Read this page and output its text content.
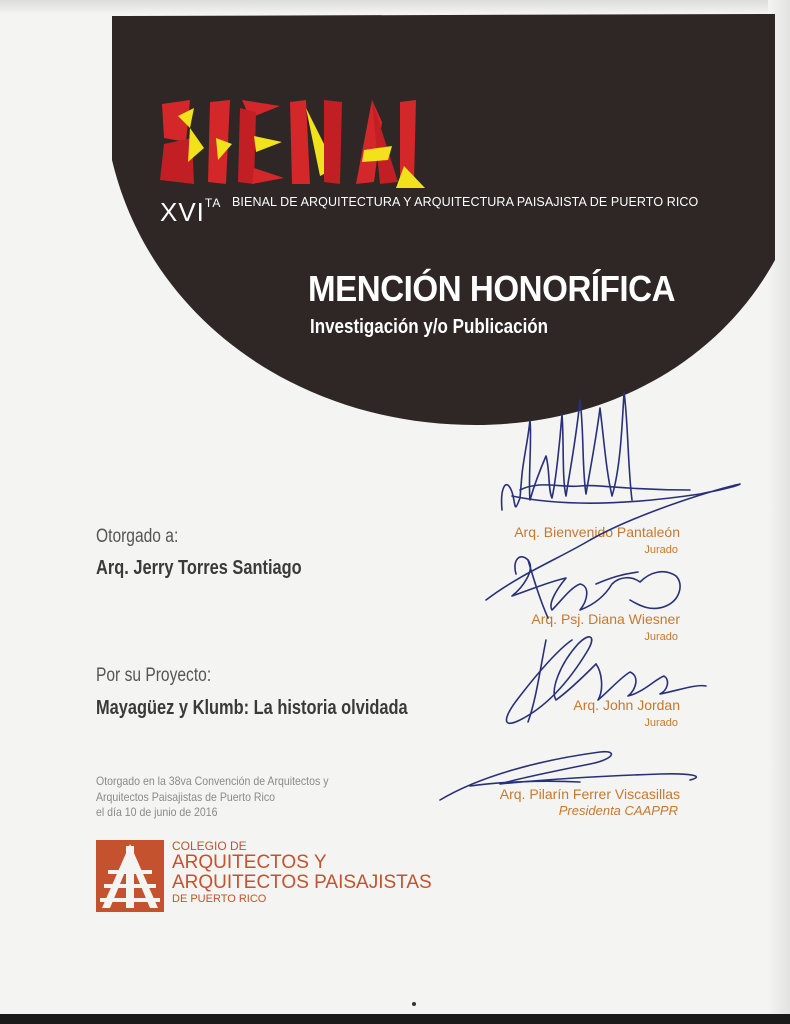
$XVI^{TA}$ BIENAL DE ARQUITECTURA Y ARQUITECTURA PAISAJISTA DE PUERTO RICO
MENCIÓN HONORÍFICA
Investigación y/o Publicación
Otorgado a:
Arq. Jerry Torres Santiago
Por su Proyecto:
Mayagüez y Klumb: La historia olvidada
Otorgado en la 38va Convención de Arquitectos y
Arquitectos Paisajistas de Puerto Rico
el día 10 de junio de 2016
Arq. Bienvenido Pantaleón
Jurado
Arq. Psj. Diana Wiesner
Jurado
Arq. John Jordan
Jurado
Arq. Pilarín Ferrer Viscasillas
Presidenta CAAPPR
COLEGIO DE
ARQUITECTOS Y
ARQUITECTOS PAISAJISTAS
DE PUERTO RICO
